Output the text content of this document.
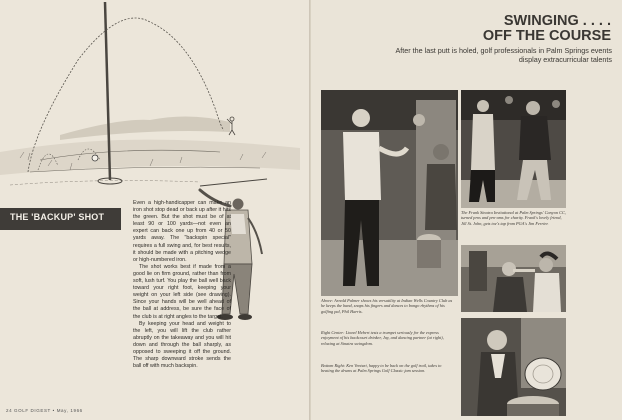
THE 'BACKUP' SHOT

Even a high-handicapper can make an iron shot stop dead or back up after it hits the green. But the shot must be of at least 90 or 100 yards—not even an expert can back one up from 40 or 50 yards away. The "backspin special" requires a full swing and, for best results, it should be made with a pitching wedge or high-numbered iron.

The shot works best if made from a good lie on firm ground, rather than from soft, lush turf. You play the ball well back toward your right foot, keeping your weight on your left side (see drawing). Since your hands will be well ahead of the ball at address, be sure the face of the club is at right angles to the target.

By keeping your head and weight to the left, you will lift the club rather abruptly on the takeaway and you will hit down and through the ball sharply, as opposed to sweeping it off the ground. The sharp downward stroke sends the ball off with much backspin.

24 GOLF DIGEST • May, 1966
SWINGING . . . .
OFF THE COURSE
After the last putt is holed, golf professionals in Palm Springs events display extracurricular talents
The Frank Sinatra Invitational at Palm Springs' Canyon CC, turned pros and pro-ams for charity. Frank's lovely friend, Jill St. John, gets toe's tap from PGA's Jim Ferrier.
Above: Arnold Palmer shows his versatility at Indian Wells Country Club as he keeps the band, snaps his fingers and dances to bongo rhythms of his golfing pal, Phil Harris.
Right Center: Lionel Hebert tests a trumpet seriously for the express enjoyment of his backcourt drinker, Jay, and dancing partner (at right), relaxing at Sinatra swingdom.
Bottom Right: Ken Venturi, happy to be back on the golf trail, takes to beating the drums at Palm Springs Golf Classic jam session.
